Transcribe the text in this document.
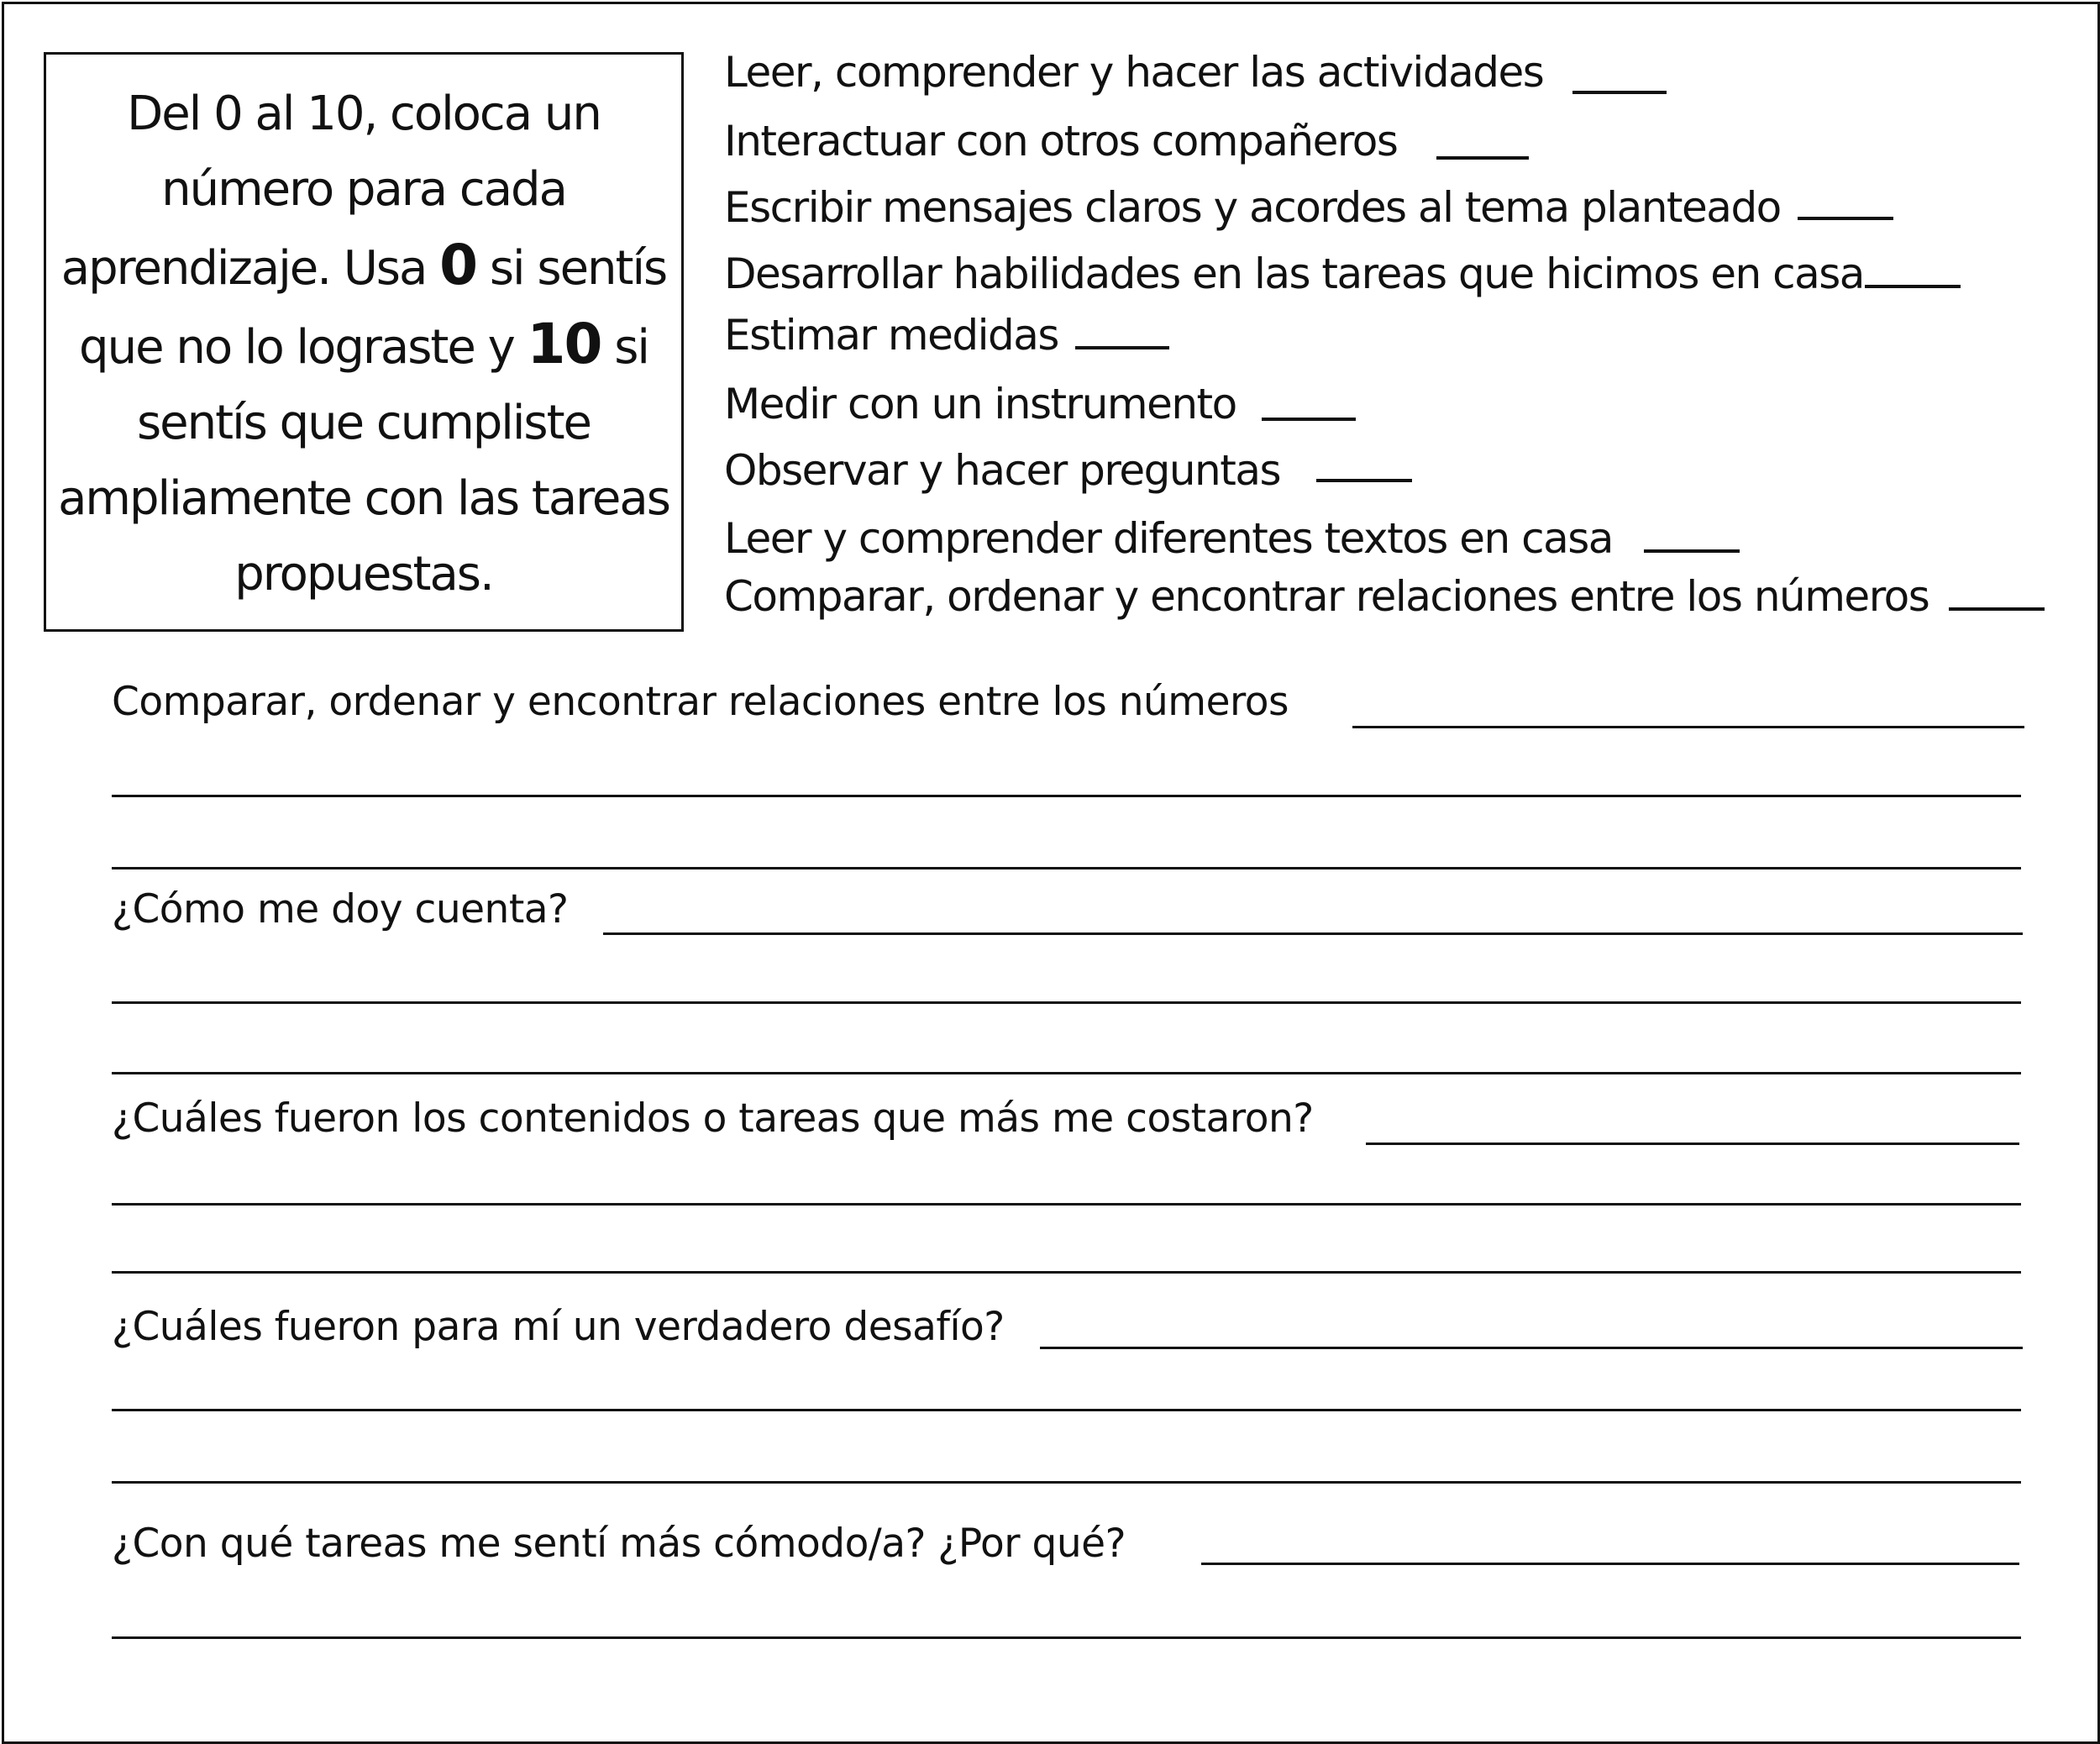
Del 0 al 10, coloca un
número para cada
aprendizaje. Usa 0 si sentís
que no lo lograste y 10 si
sentís que cumpliste
ampliamente con las tareas
propuestas.
Leer, comprender y hacer las actividades
Interactuar con otros compañeros
Escribir mensajes claros y acordes al tema planteado
Desarrollar habilidades en las tareas que hicimos en casa
Estimar medidas
Medir con un instrumento
Observar y hacer preguntas
Leer y comprender diferentes textos en casa
Comparar, ordenar y encontrar relaciones entre los números
Comparar, ordenar y encontrar relaciones entre los números
¿Cómo me doy cuenta?
¿Cuáles fueron los contenidos o tareas que más me costaron?
¿Cuáles fueron para mí un verdadero desafío?
¿Con qué tareas me sentí más cómodo/a? ¿Por qué?
